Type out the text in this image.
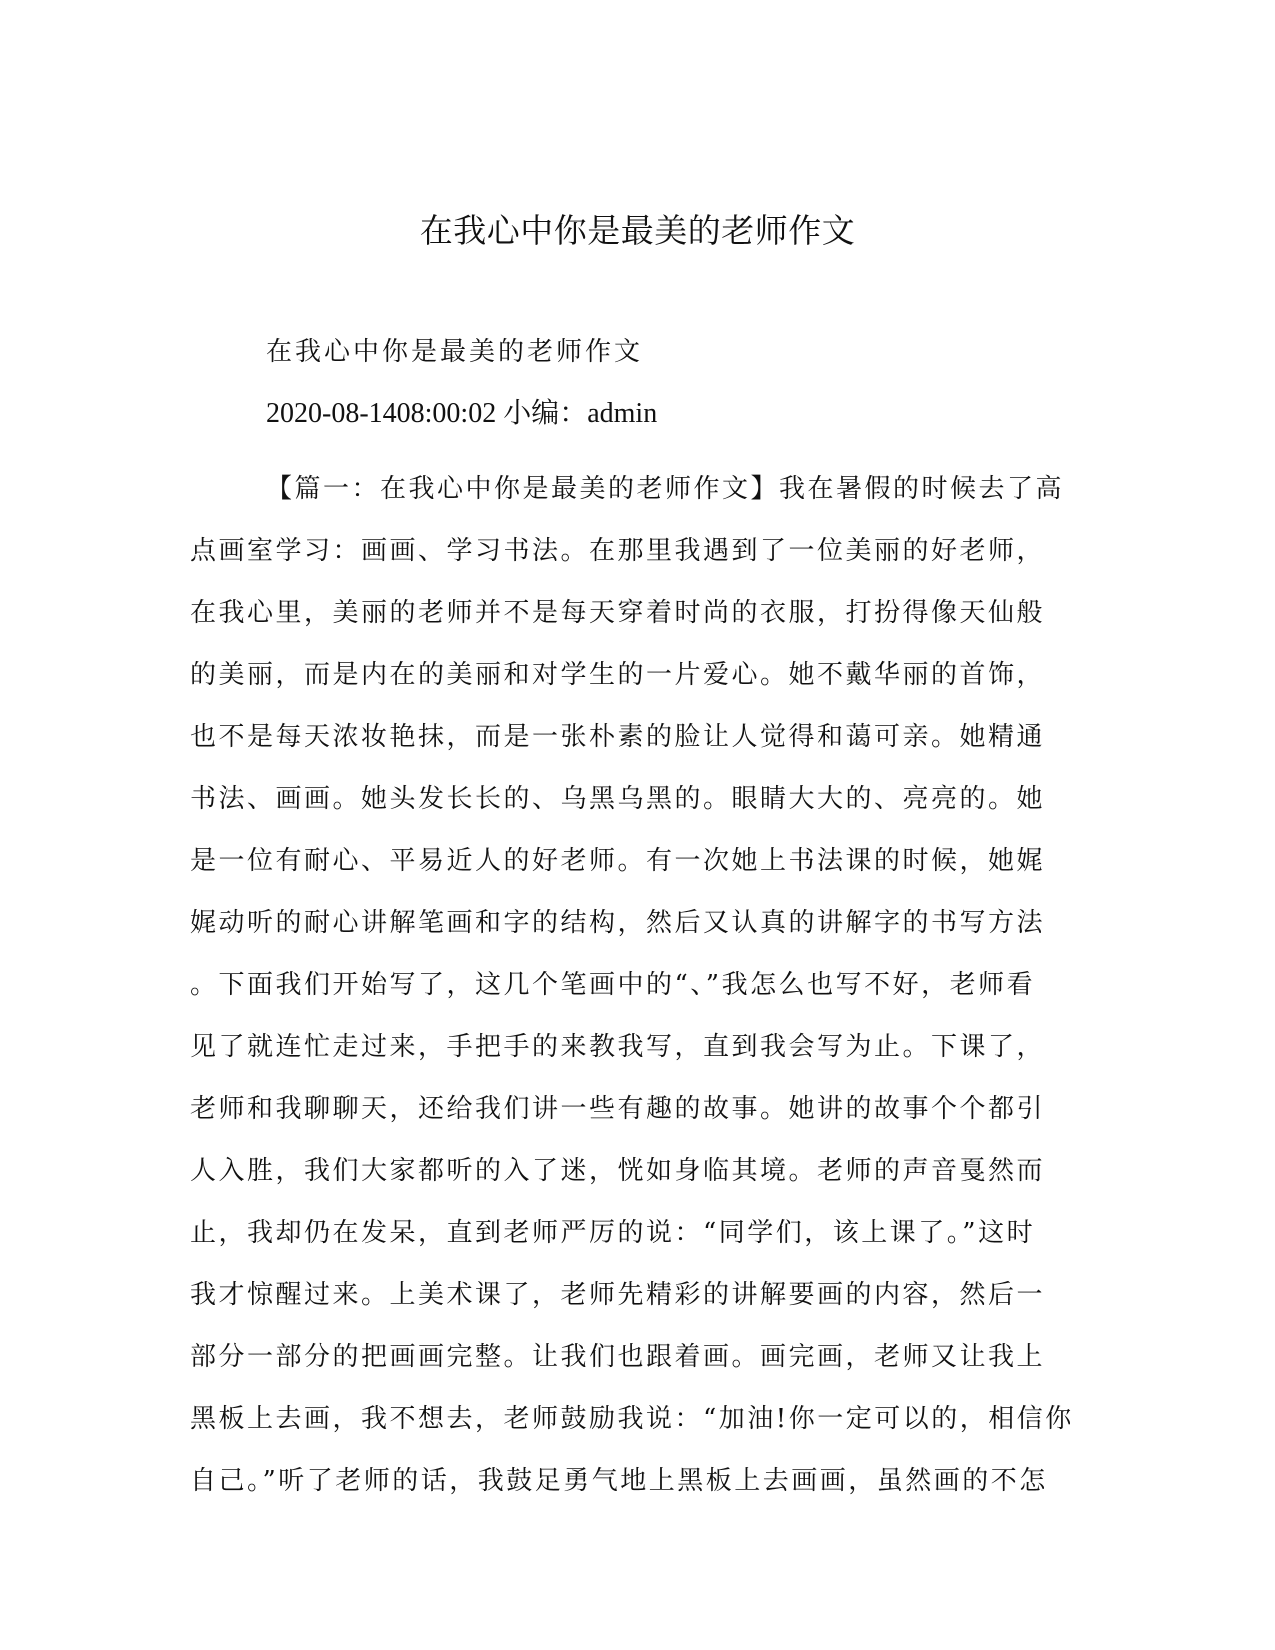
在我心中你是最美的老师作文

在我心中你是最美的老师作文

2020-08-1408:00:02 小编：admin

【篇一：在我心中你是最美的老师作文】我在暑假的时候去了高
点画室学习：画画、学习书法。在那里我遇到了一位美丽的好老师，
在我心里，美丽的老师并不是每天穿着时尚的衣服，打扮得像天仙般
的美丽，而是内在的美丽和对学生的一片爱心。她不戴华丽的首饰，
也不是每天浓妆艳抹，而是一张朴素的脸让人觉得和蔼可亲。她精通
书法、画画。她头发长长的、乌黑乌黑的。眼睛大大的、亮亮的。她
是一位有耐心、平易近人的好老师。有一次她上书法课的时候，她娓
娓动听的耐心讲解笔画和字的结构，然后又认真的讲解字的书写方法
。下面我们开始写了，这几个笔画中的“、”我怎么也写不好，老师看
见了就连忙走过来，手把手的来教我写，直到我会写为止。下课了，
老师和我聊聊天，还给我们讲一些有趣的故事。她讲的故事个个都引
人入胜，我们大家都听的入了迷，恍如身临其境。老师的声音戛然而
止，我却仍在发呆，直到老师严厉的说：“同学们，该上课了。”这时
我才惊醒过来。上美术课了，老师先精彩的讲解要画的内容，然后一
部分一部分的把画画完整。让我们也跟着画。画完画，老师又让我上
黑板上去画，我不想去，老师鼓励我说：“加油!你一定可以的，相信你
自己。”听了老师的话，我鼓足勇气地上黑板上去画画，虽然画的不怎
